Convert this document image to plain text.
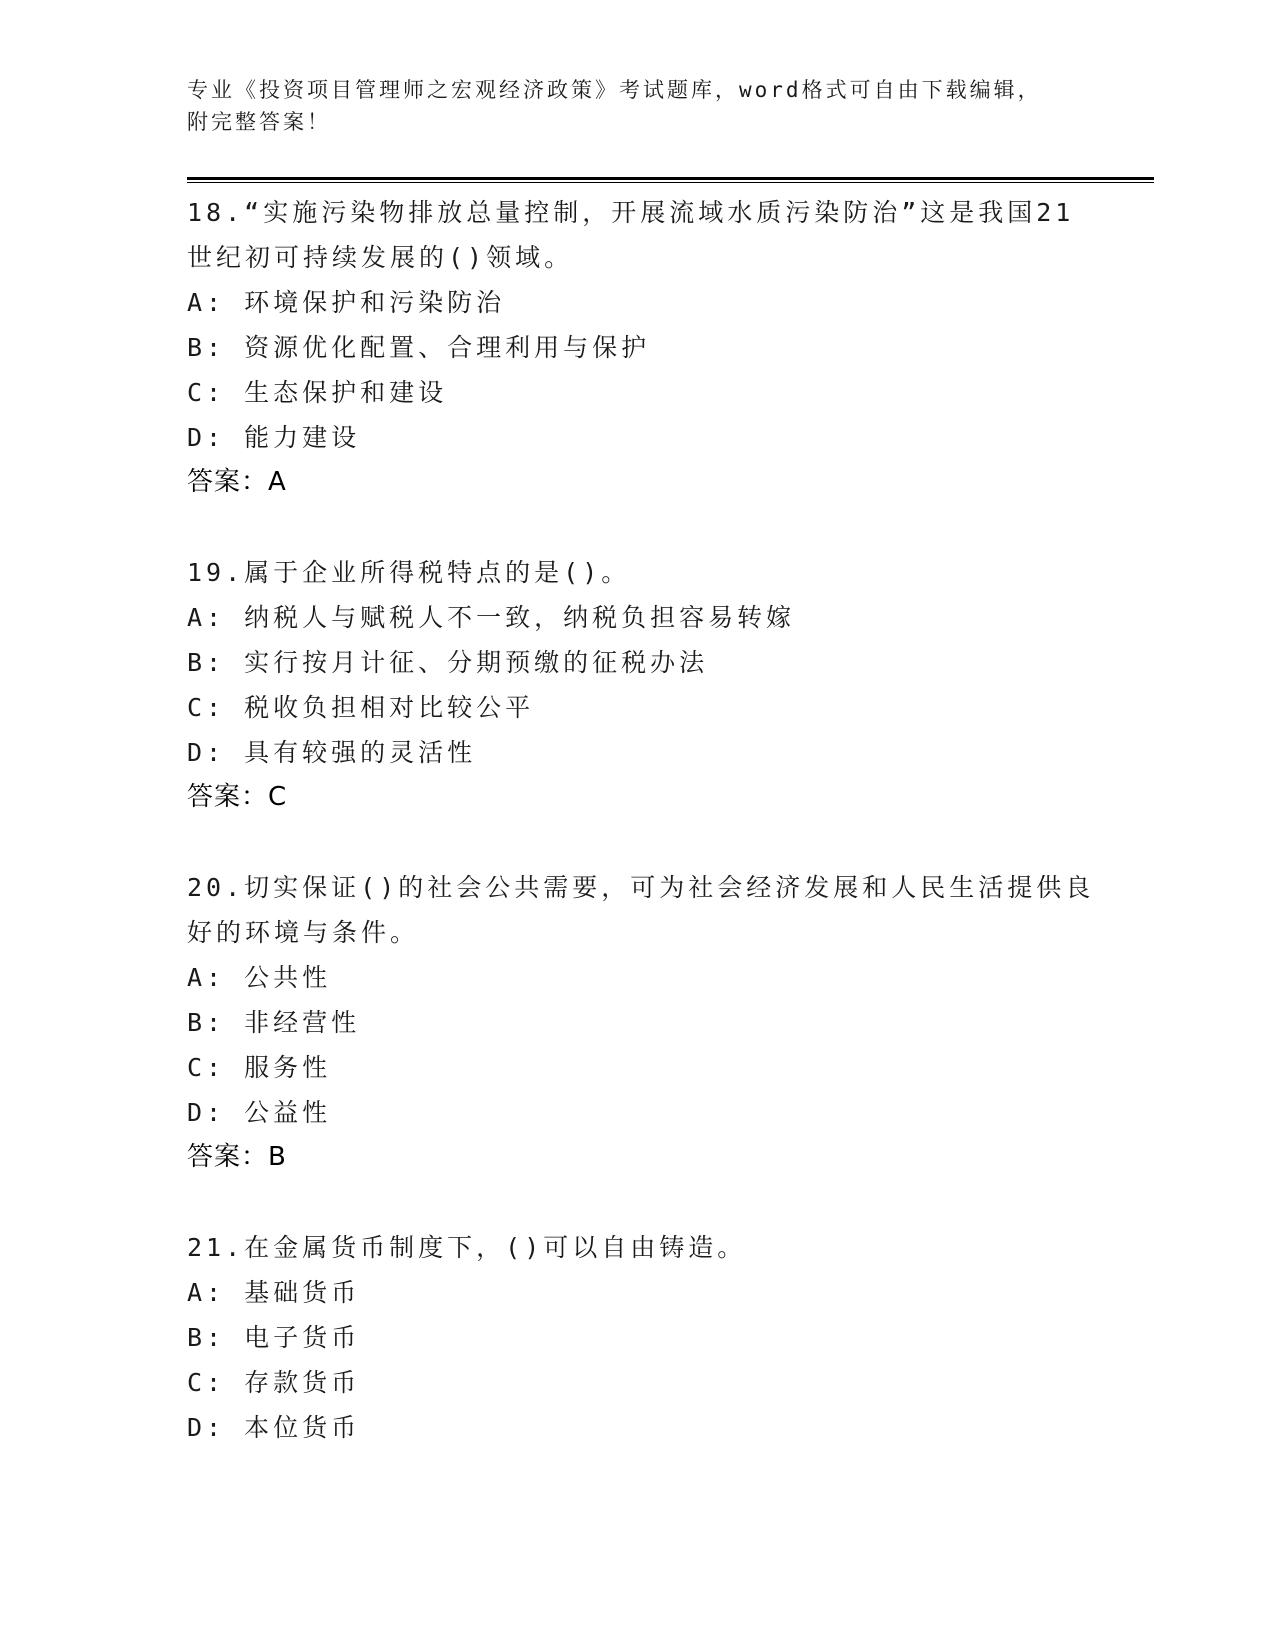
专业《投资项目管理师之宏观经济政策》考试题库，word格式可自由下载编辑，
附完整答案！
18.“实施污染物排放总量控制，开展流域水质污染防治”这是我国21
世纪初可持续发展的()领域。
A: 环境保护和污染防治
B: 资源优化配置、合理利用与保护
C: 生态保护和建设
D: 能力建设
答案：A
19.属于企业所得税特点的是()。
A: 纳税人与赋税人不一致，纳税负担容易转嫁
B: 实行按月计征、分期预缴的征税办法
C: 税收负担相对比较公平
D: 具有较强的灵活性
答案：C
20.切实保证()的社会公共需要，可为社会经济发展和人民生活提供良
好的环境与条件。
A: 公共性
B: 非经营性
C: 服务性
D: 公益性
答案：B
21.在金属货币制度下，()可以自由铸造。
A: 基础货币
B: 电子货币
C: 存款货币
D: 本位货币
